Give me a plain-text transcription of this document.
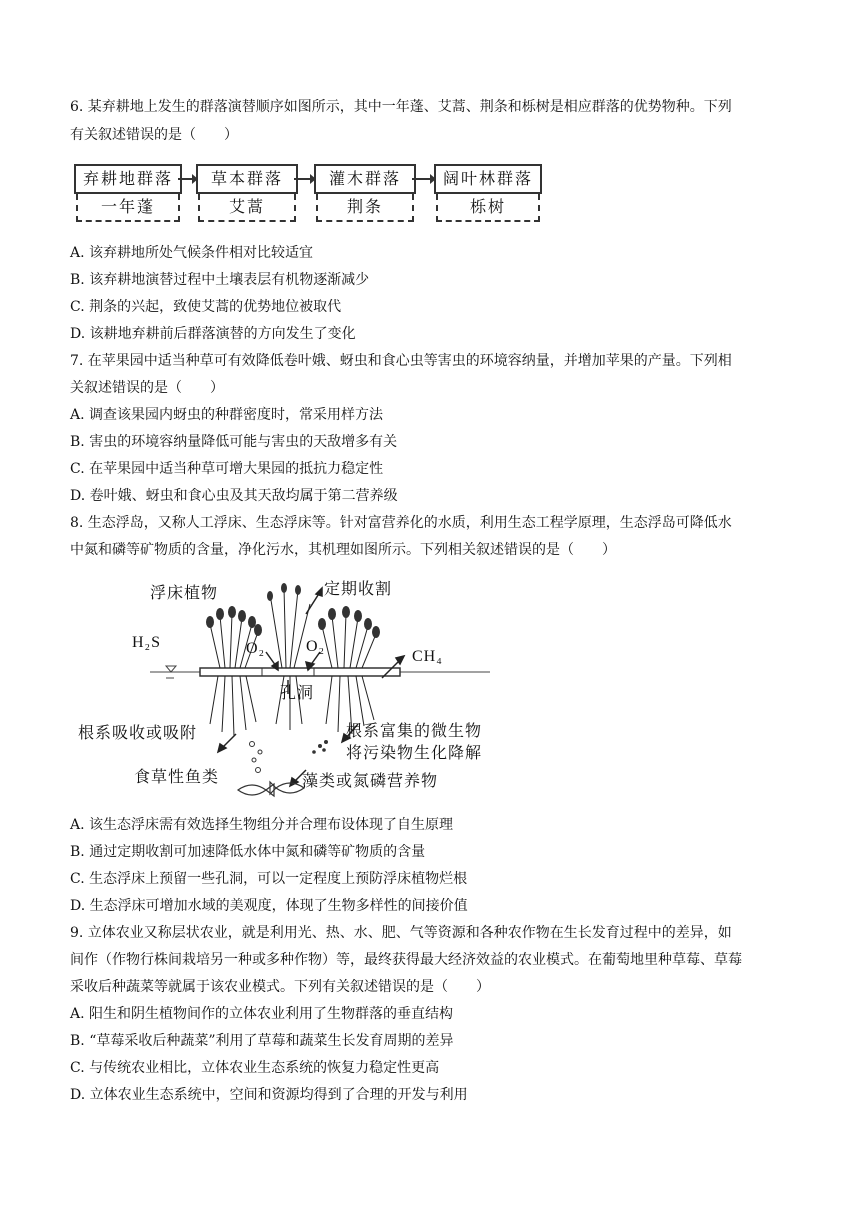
6. 某弃耕地上发生的群落演替顺序如图所示，其中一年蓬、艾蒿、荆条和栎树是相应群落的优势物种。下列
有关叙述错误的是（　　）
弃耕地群落	草本群落	灌木群落	阔叶林群落
一年蓬	艾蒿	荆条	栎树
A. 该弃耕地所处气候条件相对比较适宜
B. 该弃耕地演替过程中土壤表层有机物逐渐减少
C. 荆条的兴起，致使艾蒿的优势地位被取代
D. 该耕地弃耕前后群落演替的方向发生了变化
7. 在苹果园中适当种草可有效降低卷叶娥、蚜虫和食心虫等害虫的环境容纳量，并增加苹果的产量。下列相
关叙述错误的是（　　）
A. 调查该果园内蚜虫的种群密度时，常采用样方法
B. 害虫的环境容纳量降低可能与害虫的天敌增多有关
C. 在苹果园中适当种草可增大果园的抵抗力稳定性
D. 卷叶娥、蚜虫和食心虫及其天敌均属于第二营养级
8. 生态浮岛，又称人工浮床、生态浮床等。针对富营养化的水质，利用生态工程学原理，生态浮岛可降低水
中氮和磷等矿物质的含量，净化污水，其机理如图所示。下列相关叙述错误的是（　　）
浮床植物	定期收割
H₂S	O₂	O₂
CH₄
孔洞
根系吸收或吸附	根系富集的微生物
将污染物生化降解
食草性鱼类	藻类或氮磷营养物
A. 该生态浮床需有效选择生物组分并合理布设体现了自生原理
B. 通过定期收割可加速降低水体中氮和磷等矿物质的含量
C. 生态浮床上预留一些孔洞，可以一定程度上预防浮床植物烂根
D. 生态浮床可增加水域的美观度，体现了生物多样性的间接价值
9. 立体农业又称层状农业，就是利用光、热、水、肥、气等资源和各种农作物在生长发育过程中的差异，如
间作（作物行株间栽培另一种或多种作物）等，最终获得最大经济效益的农业模式。在葡萄地里种草莓、草莓
采收后种蔬菜等就属于该农业模式。下列有关叙述错误的是（　　）
A. 阳生和阴生植物间作的立体农业利用了生物群落的垂直结构
B. “草莓采收后种蔬菜”利用了草莓和蔬菜生长发育周期的差异
C. 与传统农业相比，立体农业生态系统的恢复力稳定性更高
D. 立体农业生态系统中，空间和资源均得到了合理的开发与利用
